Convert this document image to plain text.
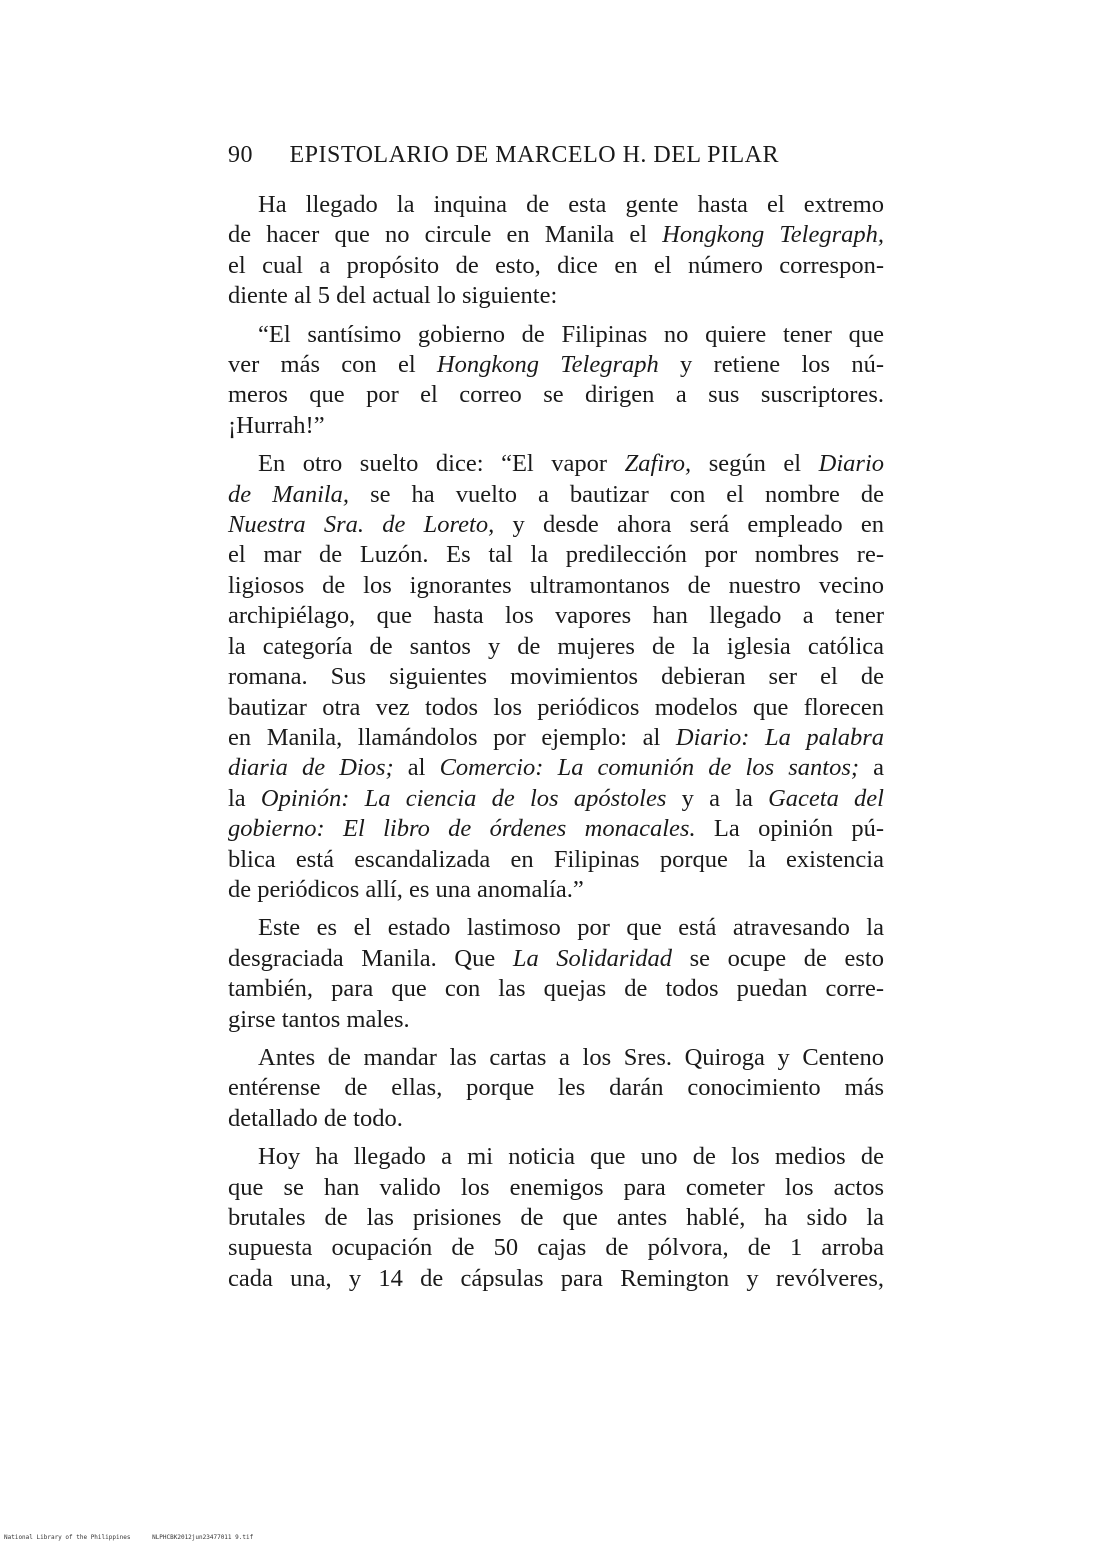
90 EPISTOLARIO DE MARCELO H. DEL PILAR

Ha llegado la inquina de esta gente hasta el extremo
de hacer que no circule en Manila el Hongkong Telegraph,
el cual a propósito de esto, dice en el número correspon-
diente al 5 del actual lo siguiente:

“El santísimo gobierno de Filipinas no quiere tener que
ver más con el Hongkong Telegraph y retiene los nú-
meros que por el correo se dirigen a sus suscriptores.
¡Hurrah!”

En otro suelto dice: “El vapor Zafiro, según el Diario
de Manila, se ha vuelto a bautizar con el nombre de
Nuestra Sra. de Loreto, y desde ahora será empleado en
el mar de Luzón. Es tal la predilección por nombres re-
ligiosos de los ignorantes ultramontanos de nuestro vecino
archipiélago, que hasta los vapores han llegado a tener
la categoría de santos y de mujeres de la iglesia católica
romana. Sus siguientes movimientos debieran ser el de
bautizar otra vez todos los periódicos modelos que florecen
en Manila, llamándolos por ejemplo: al Diario: La palabra
diaria de Dios; al Comercio: La comunión de los santos; a
la Opinión: La ciencia de los apóstoles y a la Gaceta del
gobierno: El libro de órdenes monacales. La opinión pú-
blica está escandalizada en Filipinas porque la existencia
de periódicos allí, es una anomalía.”

Este es el estado lastimoso por que está atravesando la
desgraciada Manila. Que La Solidaridad se ocupe de esto
también, para que con las quejas de todos puedan corre-
girse tantos males.

Antes de mandar las cartas a los Sres. Quiroga y Centeno
entérense de ellas, porque les darán conocimiento más
detallado de todo.

Hoy ha llegado a mi noticia que uno de los medios de
que se han valido los enemigos para cometer los actos
brutales de las prisiones de que antes hablé, ha sido la
supuesta ocupación de 50 cajas de pólvora, de 1 arroba
cada una, y 14 de cápsulas para Remington y revólveres,

National Library of the Philippines	NLPHCBK2012jun23477011 9.tif
